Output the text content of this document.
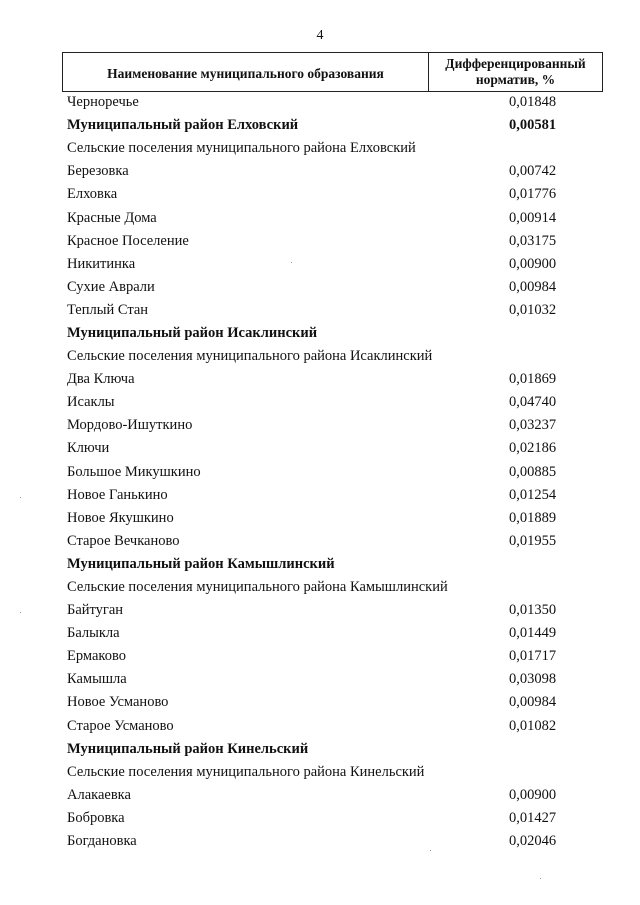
4
Наименование муниципального образования
Дифференцированный
норматив, %
Черноречье	0,01848
Муниципальный район Елховский	0,00581
Сельские поселения муниципального района Елховский
Березовка	0,00742
Елховка	0,01776
Красные Дома	0,00914
Красное Поселение	0,03175
Никитинка	0,00900
Сухие Аврали	0,00984
Теплый Стан	0,01032
Муниципальный район Исаклинский
Сельские поселения муниципального района Исаклинский
Два Ключа	0,01869
Исаклы	0,04740
Мордово-Ишуткино	0,03237
Ключи	0,02186
Большое Микушкино	0,00885
Новое Ганькино	0,01254
Новое Якушкино	0,01889
Старое Вечканово	0,01955
Муниципальный район Камышлинский
Сельские поселения муниципального района Камышлинский
Байтуган	0,01350
Балыкла	0,01449
Ермаково	0,01717
Камышла	0,03098
Новое Усманово	0,00984
Старое Усманово	0,01082
Муниципальный район Кинельский
Сельские поселения муниципального района Кинельский
Алакаевка	0,00900
Бобровка	0,01427
Богдановка	0,02046
